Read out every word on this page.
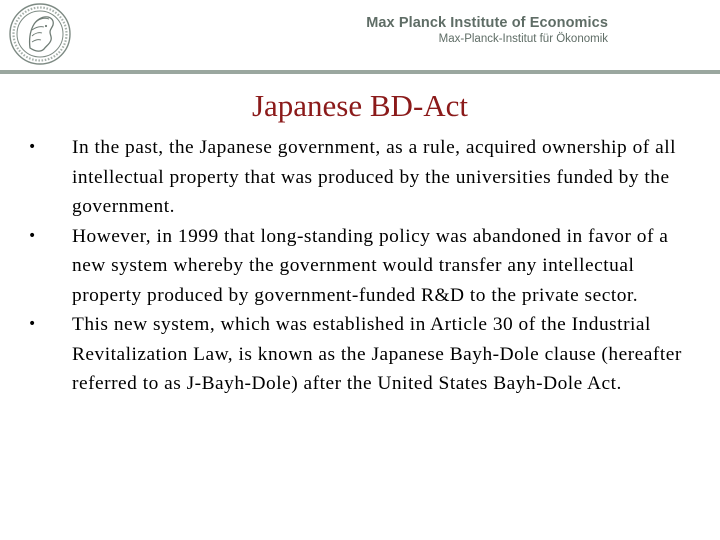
Max Planck Institute of Economics
Max-Planck-Institut für Ökonomik
Japanese BD-Act
•	In the past, the Japanese government, as a rule, acquired ownership of all intellectual property that was produced by the universities funded by the government.
•	However, in 1999 that long-standing policy was abandoned in favor of a new system whereby the government would transfer any intellectual property produced by government-funded R&D to the private sector.
•	This new system, which was established in Article 30 of the Industrial Revitalization Law, is known as the Japanese Bayh-Dole clause (hereafter referred to as J-Bayh-Dole) after the United States Bayh-Dole Act.
